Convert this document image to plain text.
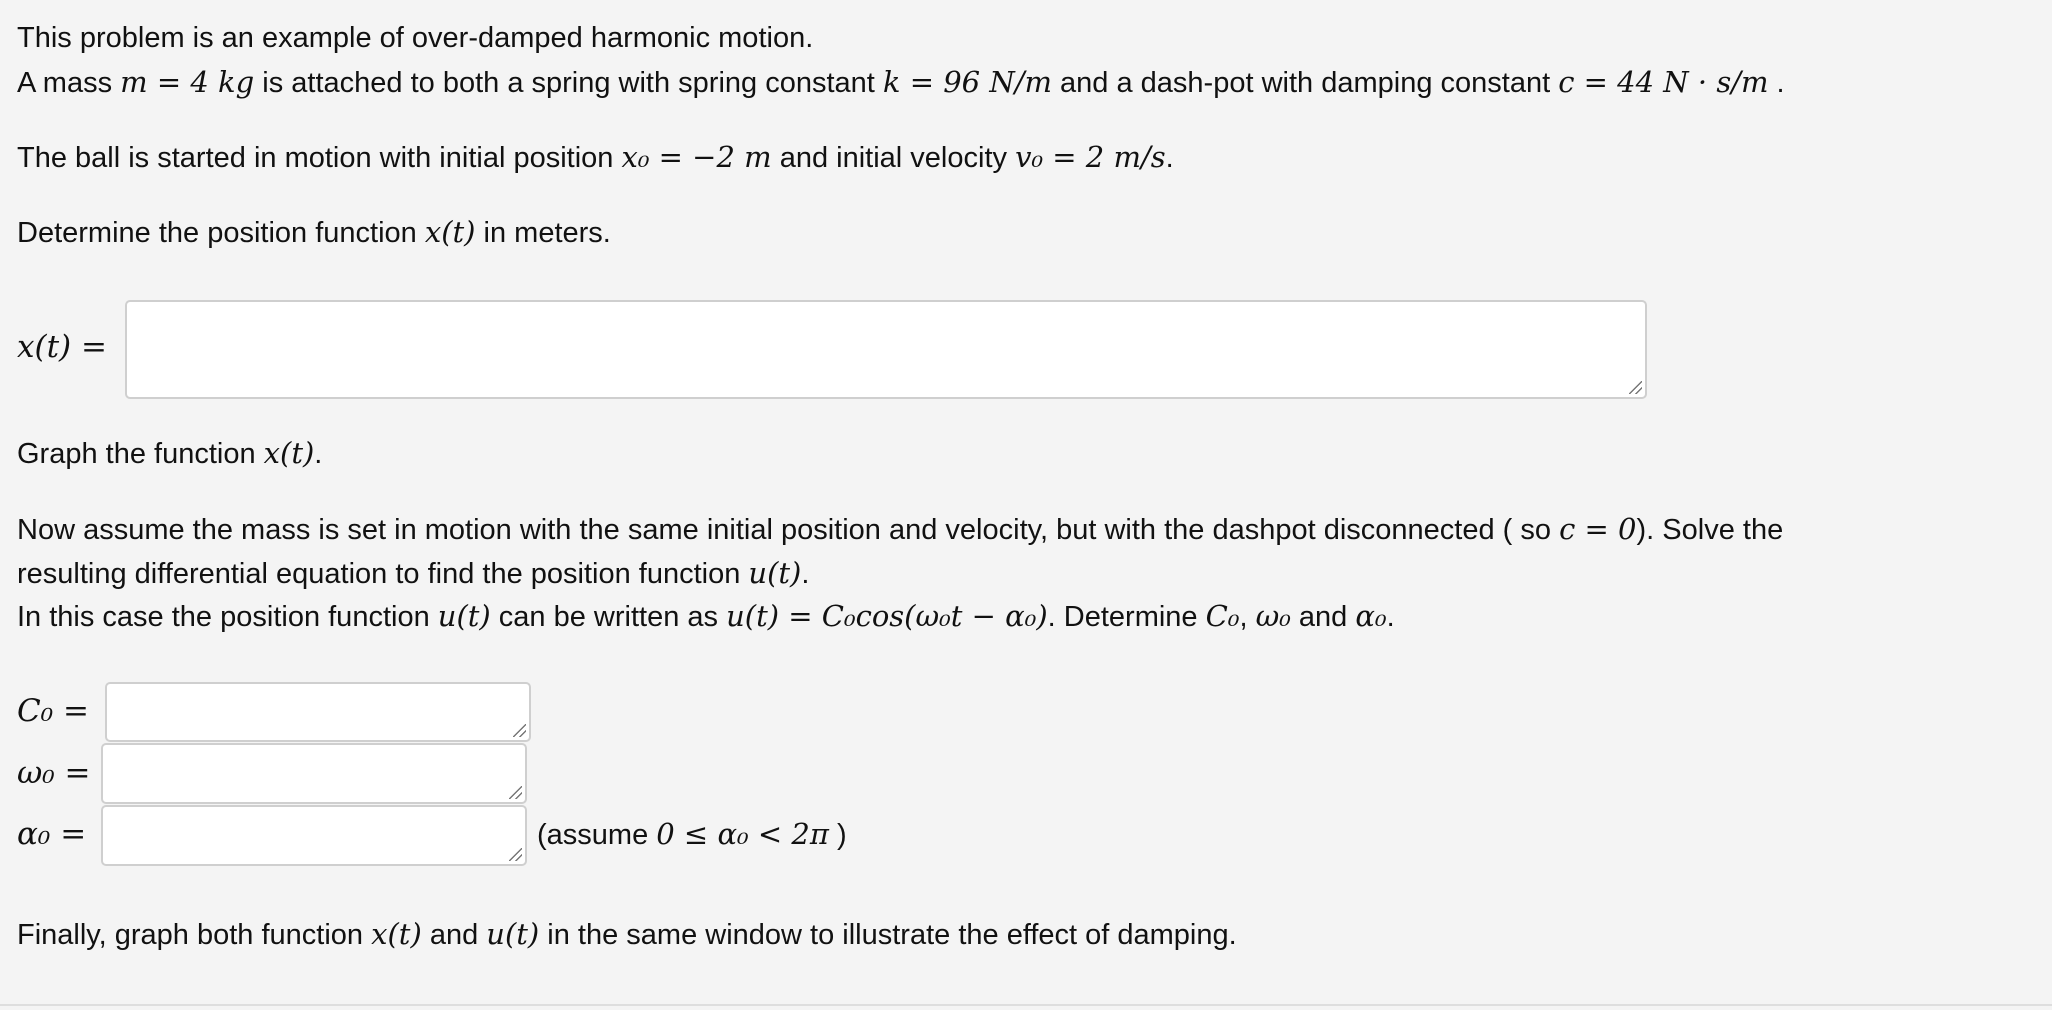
This problem is an example of over-damped harmonic motion.
A mass m = 4 kg is attached to both a spring with spring constant k = 96 N/m and a dash-pot with damping constant c = 44 N · s/m .
The ball is started in motion with initial position x₀ = −2 m and initial velocity v₀ = 2 m/s.
Determine the position function x(t) in meters.
x(t) =
Graph the function x(t).
Now assume the mass is set in motion with the same initial position and velocity, but with the dashpot disconnected ( so c = 0). Solve the
resulting differential equation to find the position function u(t).
In this case the position function u(t) can be written as u(t) = C₀cos(ω₀t − α₀). Determine C₀, ω₀ and α₀.
C₀ =
ω₀ =
α₀ =	(assume 0 ≤ α₀ < 2π )
Finally, graph both function x(t) and u(t) in the same window to illustrate the effect of damping.
